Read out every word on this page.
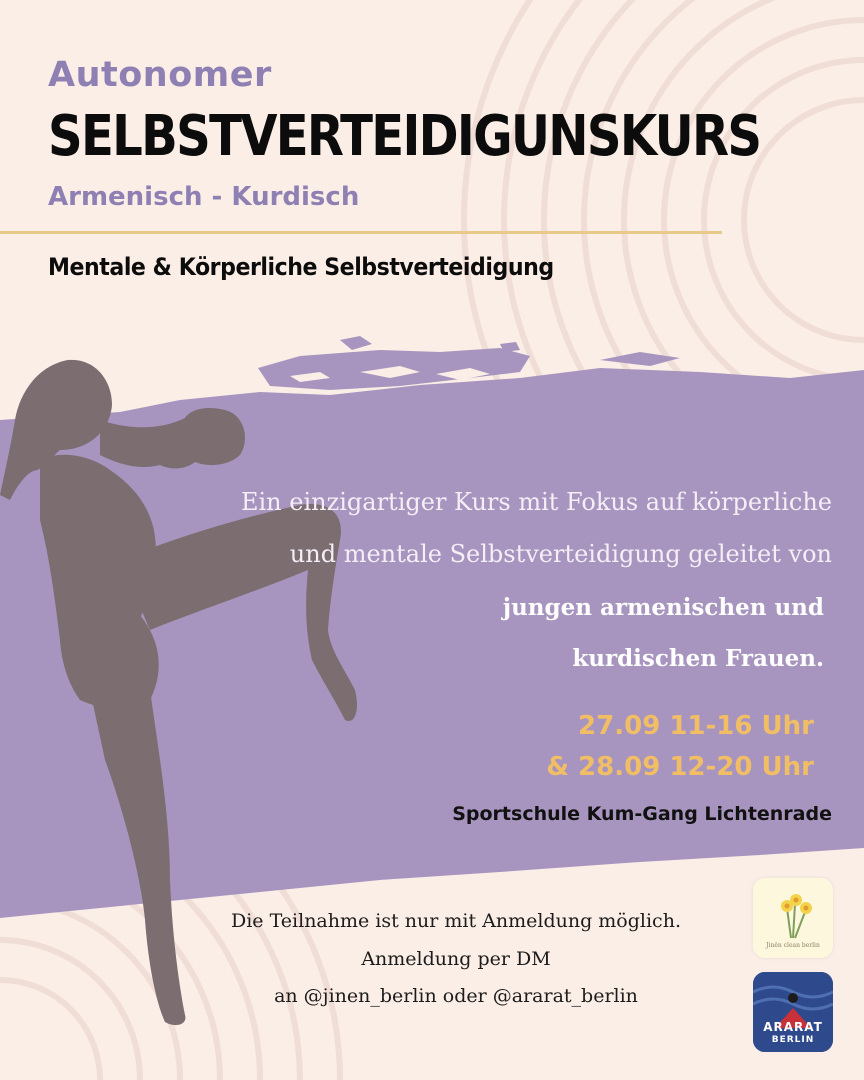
Autonomer
SELBSTVERTEIDIGUNSKURS
Armenisch - Kurdisch
Mentale & Körperliche Selbstverteidigung
Ein einzigartiger Kurs mit Fokus auf körperliche
und mentale Selbstverteidigung geleitet von
jungen armenischen und
kurdischen Frauen.
27.09 11-16 Uhr
& 28.09 12-20 Uhr
Sportschule Kum-Gang Lichtenrade
Die Teilnahme ist nur mit Anmeldung möglich.
Anmeldung per DM
an @jinen_berlin oder @ararat_berlin
Jinên clean berlin
ARARAT
BERLIN
